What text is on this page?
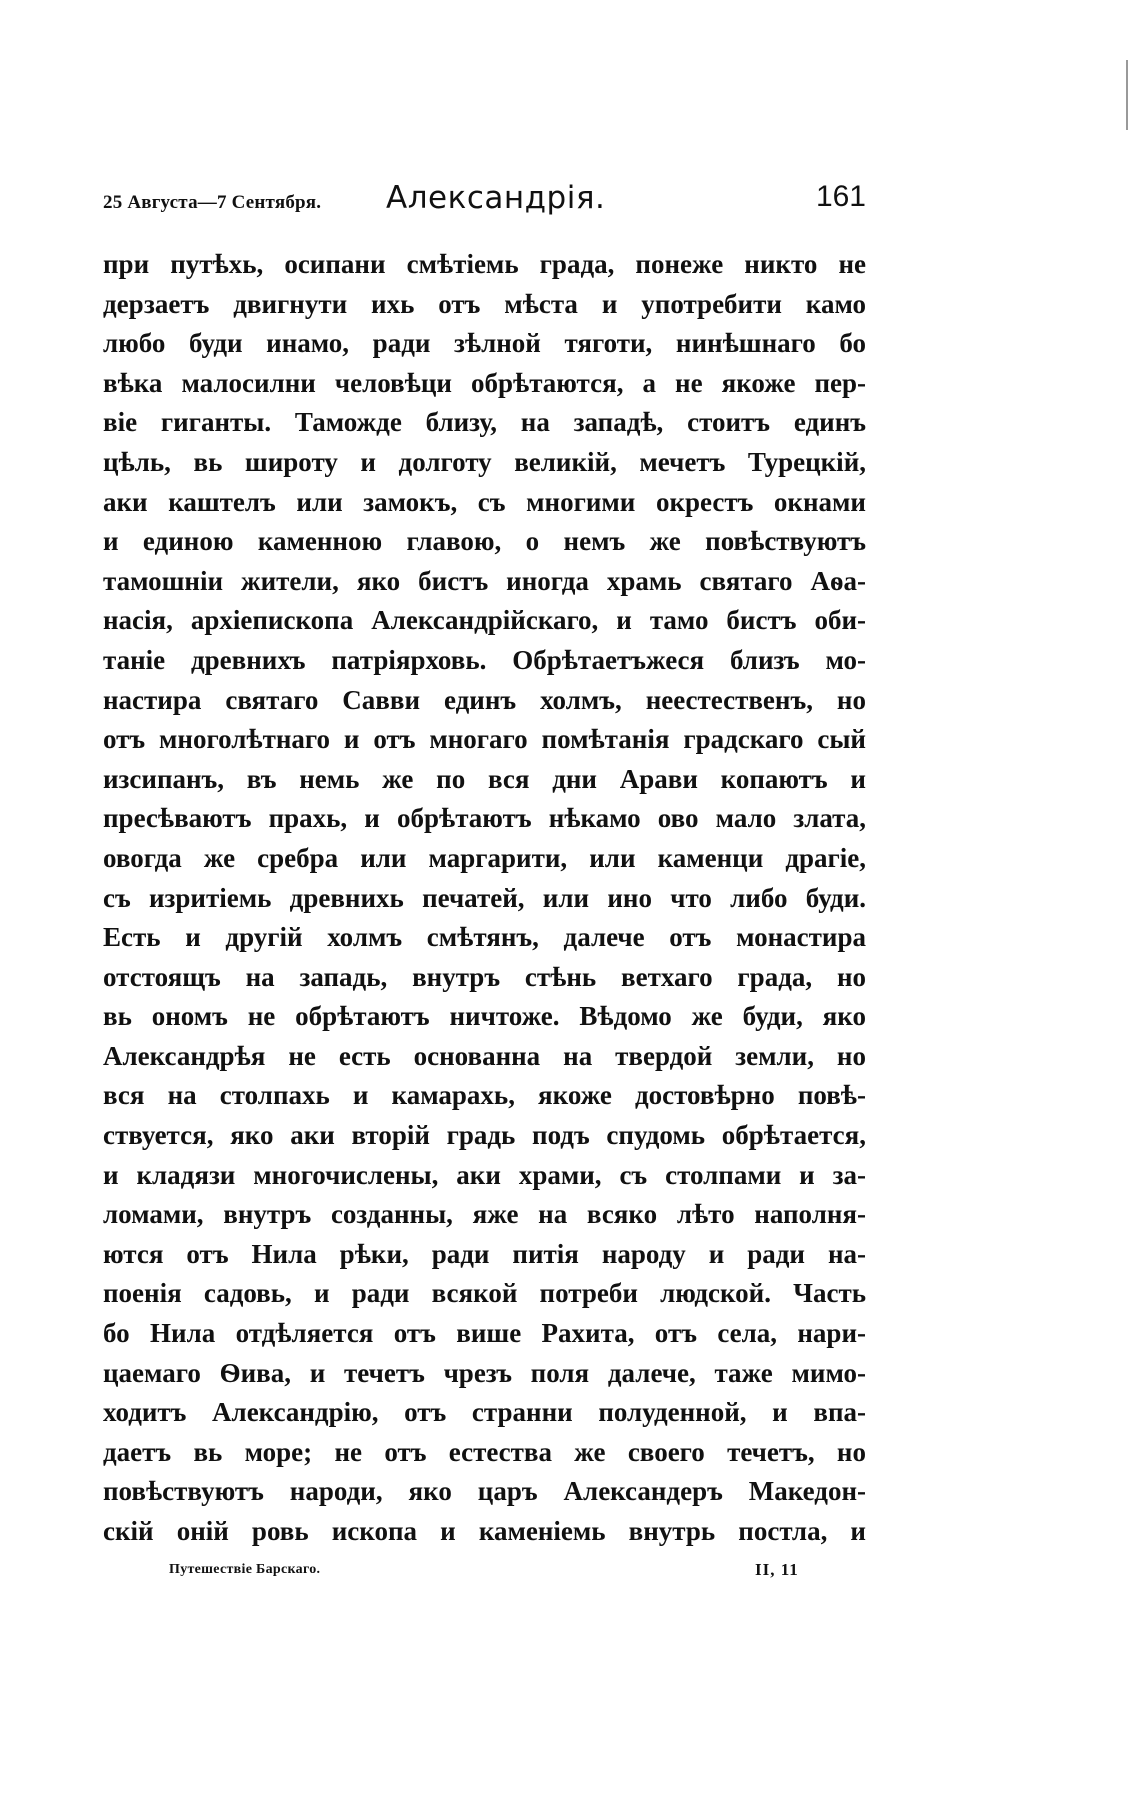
25 Августа—7 Сентября. Александрія.	161
при путѣхь, осипани смѣтіемь града, понеже никто не
дерзаетъ двигнути ихь отъ мѣста и употребити камо
любо буди инамо, ради зѣлной тяготи, нинѣшнаго бо
вѣка малосилни человѣци обрѣтаются, а не якоже пер-
віе гиганты. Таможде близу, на западѣ, стоитъ единъ
цѣль, вь широту и долготу великій, мечетъ Турецкій,
аки каштелъ или замокъ, съ многими окрестъ окнами
и единою каменною главою, о немъ же повѣствуютъ
тамошніи жители, яко бистъ иногда храмь святаго Аѳа-
насія, архіепископа Александрійскаго, и тамо бистъ оби-
таніе древнихъ патріярховь. Обрѣтаетъжеся близъ мо-
настира святаго Савви единъ холмъ, неестественъ, но
отъ многолѣтнаго и отъ многаго помѣтанія градскаго сый
изсипанъ, въ немь же по вся дни Арави копаютъ и
пресѣваютъ прахь, и обрѣтаютъ нѣкамо ово мало злата,
овогда же сребра или маргарити, или каменци драгіе,
съ изритіемь древнихь печатей, или ино что либо буди.
Есть и другій холмъ смѣтянъ, далече отъ монастира
отстоящъ на западь, внутръ стѣнь ветхаго града, но
вь ономъ не обрѣтаютъ ничтоже. Вѣдомо же буди, яко
Александрѣя не есть основанна на твердой земли, но
вся на столпахь и камарахь, якоже достовѣрно повѣ-
ствуется, яко аки вторій градь подъ спудомь обрѣтается,
и кладязи многочислены, аки храми, съ столпами и за-
ломами, внутръ созданны, яже на всяко лѣто наполня-
ются отъ Нила рѣки, ради питія народу и ради на-
поенія садовь, и ради всякой потреби людской. Часть
бо Нила отдѣляется отъ више Рахита, отъ села, нари-
цаемаго Ѳива, и течетъ чрезъ поля далече, таже мимо-
ходитъ Александрію, отъ странни полуденной, и впа-
даетъ вь море; не отъ естества же своего течетъ, но
повѣствуютъ народи, яко царъ Александеръ Македон-
скій оній ровь ископа и каменіемь внутрь постла, и
Путешествіе Барскаго.	II, 11
